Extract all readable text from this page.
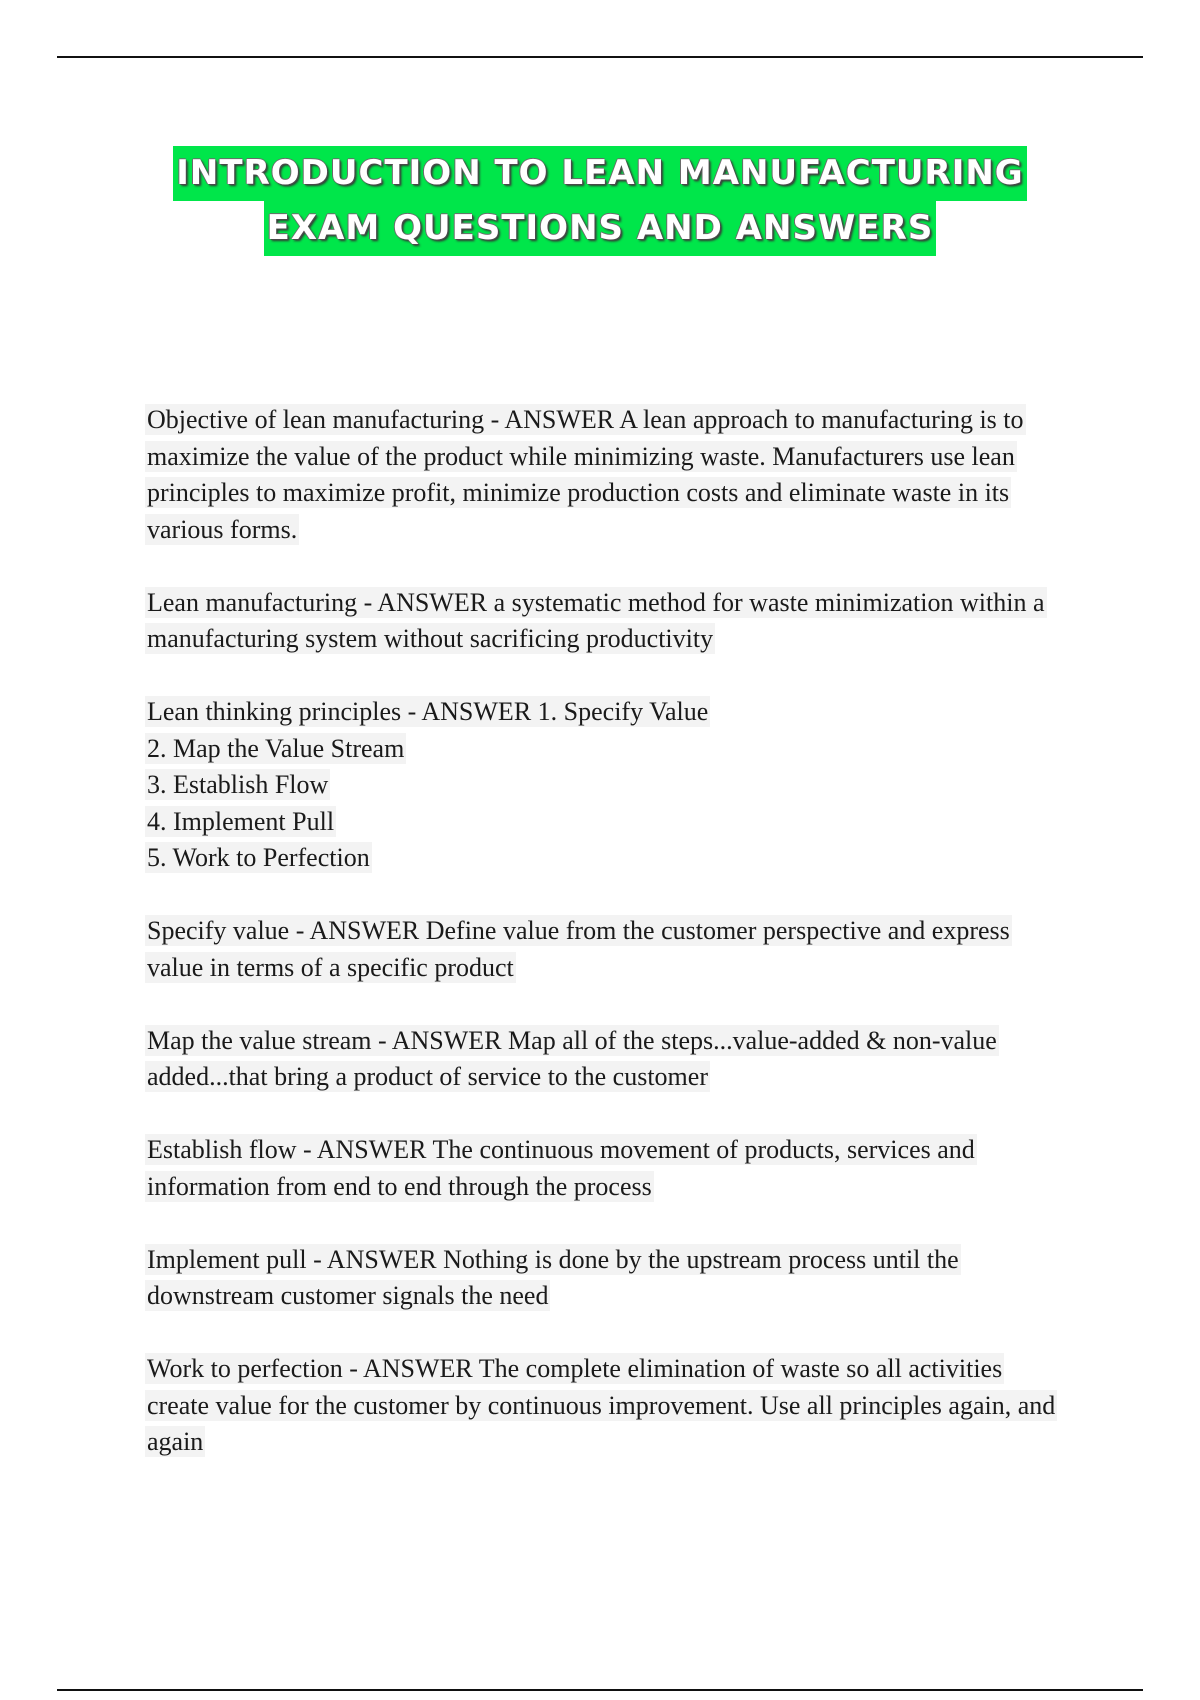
INTRODUCTION TO LEAN MANUFACTURING
EXAM QUESTIONS AND ANSWERS

Objective of lean manufacturing - ANSWER A lean approach to manufacturing is to maximize the value of the product while minimizing waste. Manufacturers use lean principles to maximize profit, minimize production costs and eliminate waste in its various forms.

Lean manufacturing - ANSWER a systematic method for waste minimization within a manufacturing system without sacrificing productivity

Lean thinking principles - ANSWER 1. Specify Value
2. Map the Value Stream
3. Establish Flow
4. Implement Pull
5. Work to Perfection

Specify value - ANSWER Define value from the customer perspective and express value in terms of a specific product

Map the value stream - ANSWER Map all of the steps...value-added & non-value added...that bring a product of service to the customer

Establish flow - ANSWER The continuous movement of products, services and information from end to end through the process

Implement pull - ANSWER Nothing is done by the upstream process until the downstream customer signals the need

Work to perfection - ANSWER The complete elimination of waste so all activities create value for the customer by continuous improvement. Use all principles again, and again
